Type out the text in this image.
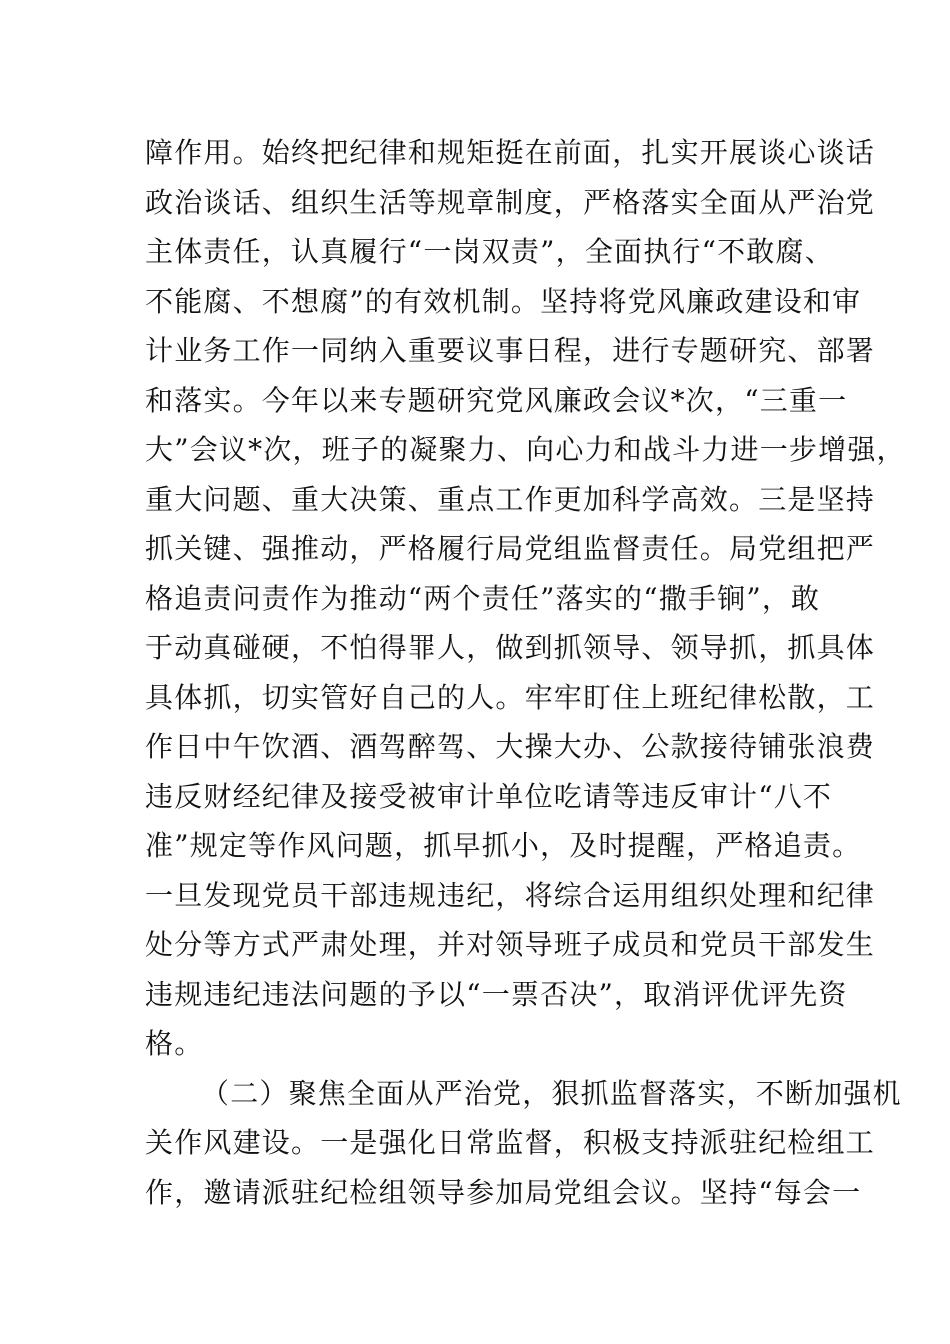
障作用。始终把纪律和规矩挺在前面，扎实开展谈心谈话
政治谈话、组织生活等规章制度，严格落实全面从严治党
主体责任，认真履行“一岗双责”，全面执行“不敢腐、
不能腐、不想腐”的有效机制。坚持将党风廉政建设和审
计业务工作一同纳入重要议事日程，进行专题研究、部署
和落实。今年以来专题研究党风廉政会议*次，“三重一
大”会议*次，班子的凝聚力、向心力和战斗力进一步增强，
重大问题、重大决策、重点工作更加科学高效。三是坚持
抓关键、强推动，严格履行局党组监督责任。局党组把严
格追责问责作为推动“两个责任”落实的“撒手锏”，敢
于动真碰硬，不怕得罪人，做到抓领导、领导抓，抓具体
具体抓，切实管好自己的人。牢牢盯住上班纪律松散，工
作日中午饮酒、酒驾醉驾、大操大办、公款接待铺张浪费
违反财经纪律及接受被审计单位吃请等违反审计“八不
准”规定等作风问题，抓早抓小，及时提醒，严格追责。
一旦发现党员干部违规违纪，将综合运用组织处理和纪律
处分等方式严肃处理，并对领导班子成员和党员干部发生
违规违纪违法问题的予以“一票否决”，取消评优评先资
格。
（二）聚焦全面从严治党，狠抓监督落实，不断加强机
关作风建设。一是强化日常监督，积极支持派驻纪检组工
作，邀请派驻纪检组领导参加局党组会议。坚持“每会一
